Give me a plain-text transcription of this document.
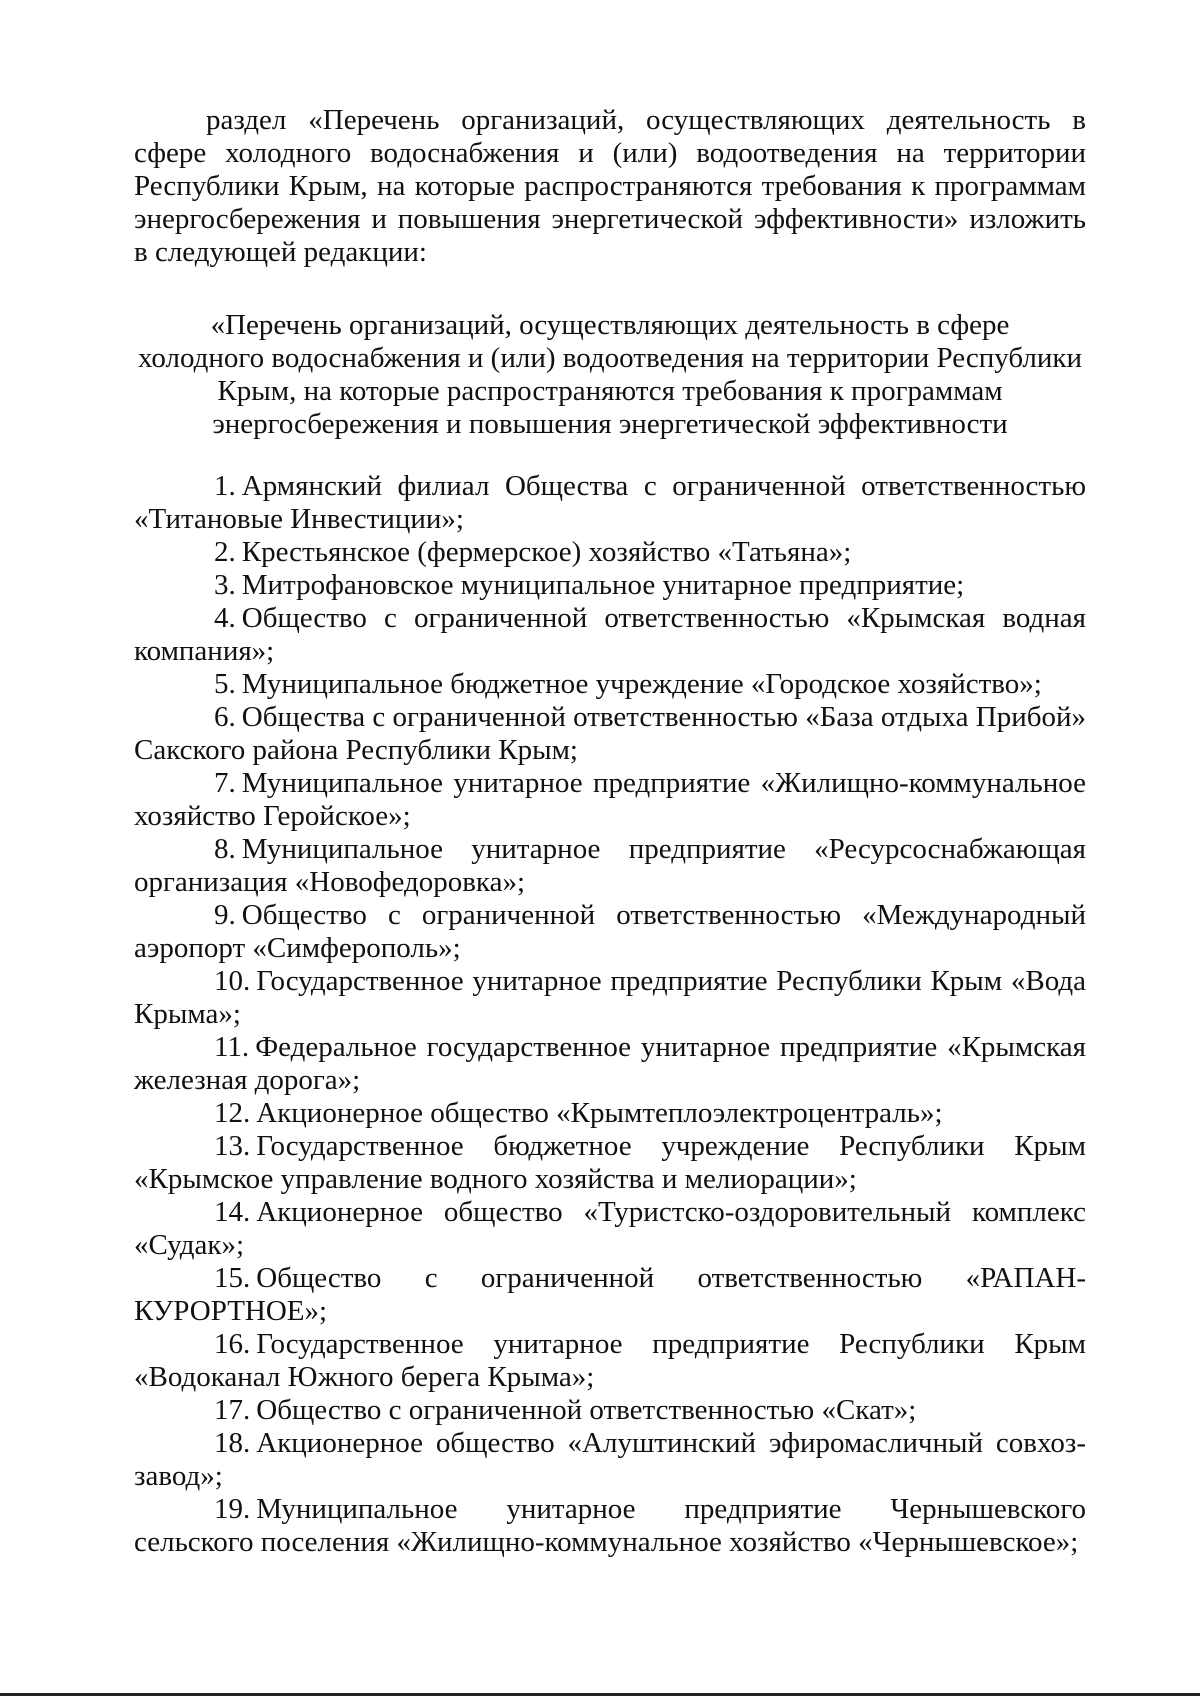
раздел «Перечень организаций, осуществляющих деятельность в сфере холодного водоснабжения и (или) водоотведения на территории Республики Крым, на которые распространяются требования к программам энергосбережения и повышения энергетической эффективности» изложить в следующей редакции:

«Перечень организаций, осуществляющих деятельность в сфере
холодного водоснабжения и (или) водоотведения на территории Республики
Крым, на которые распространяются требования к программам
энергосбережения и повышения энергетической эффективности
1. Армянский филиал Общества с ограниченной ответственностью «Титановые Инвестиции»;
2. Крестьянское (фермерское) хозяйство «Татьяна»;
3. Митрофановское муниципальное унитарное предприятие;
4. Общество с ограниченной ответственностью «Крымская водная компания»;
5. Муниципальное бюджетное учреждение «Городское хозяйство»;
6. Общества с ограниченной ответственностью «База отдыха Прибой» Сакского района Республики Крым;
7. Муниципальное унитарное предприятие «Жилищно-коммунальное хозяйство Геройское»;
8. Муниципальное унитарное предприятие «Ресурсоснабжающая организация «Новофедоровка»;
9. Общество с ограниченной ответственностью «Международный аэропорт «Симферополь»;
10. Государственное унитарное предприятие Республики Крым «Вода Крыма»;
11. Федеральное государственное унитарное предприятие «Крымская железная дорога»;
12. Акционерное общество «Крымтеплоэлектроцентраль»;
13. Государственное бюджетное учреждение Республики Крым «Крымское управление водного хозяйства и мелиорации»;
14. Акционерное общество «Туристско-оздоровительный комплекс «Судак»;
15. Общество с ограниченной ответственностью «РАПАН-КУРОРТНОЕ»;
16. Государственное унитарное предприятие Республики Крым «Водоканал Южного берега Крыма»;
17. Общество с ограниченной ответственностью «Скат»;
18. Акционерное общество «Алуштинский эфиромасличный совхоз-завод»;
19. Муниципальное унитарное предприятие Чернышевского сельского поселения «Жилищно-коммунальное хозяйство «Чернышевское»;
